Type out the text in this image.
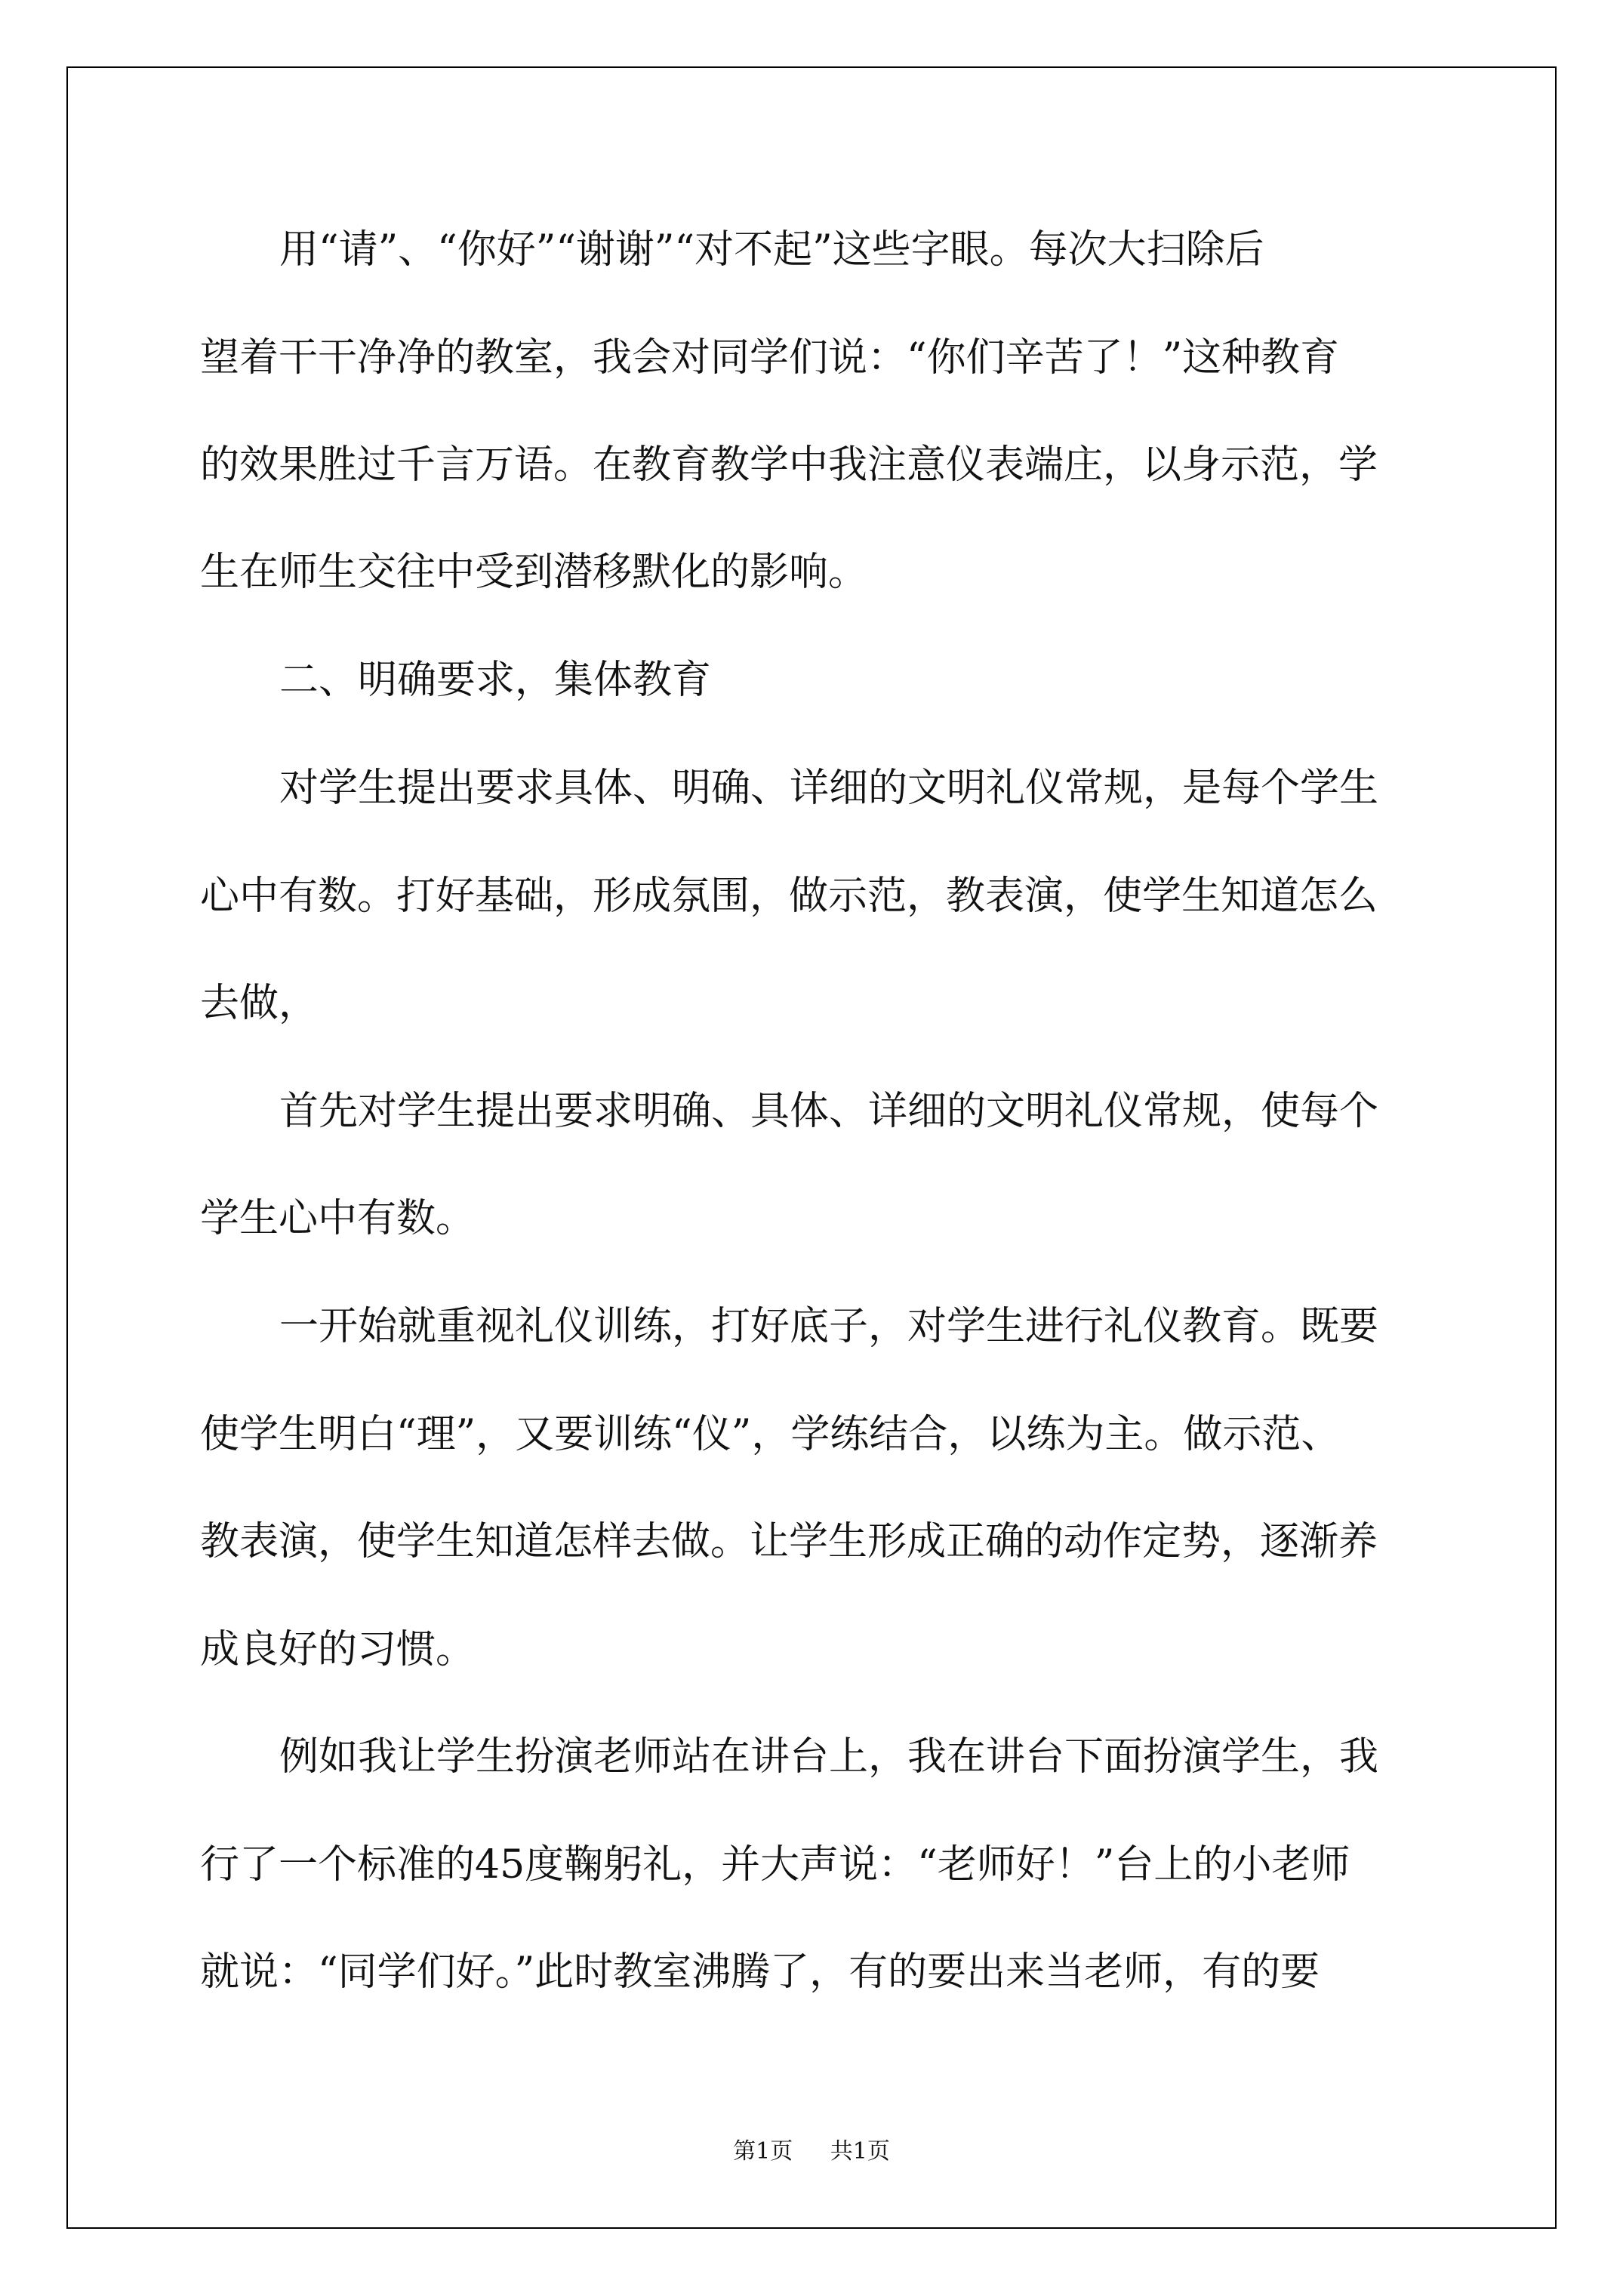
用“请”、“你好”“谢谢”“对不起”这些字眼。每次大扫除后

望着干干净净的教室，我会对同学们说：“你们辛苦了！”这种教育

的效果胜过千言万语。在教育教学中我注意仪表端庄，以身示范，学

生在师生交往中受到潜移默化的影响。

二、明确要求，集体教育

对学生提出要求具体、明确、详细的文明礼仪常规，是每个学生

心中有数。打好基础，形成氛围，做示范，教表演，使学生知道怎么

去做，

首先对学生提出要求明确、具体、详细的文明礼仪常规，使每个

学生心中有数。

一开始就重视礼仪训练，打好底子，对学生进行礼仪教育。既要

使学生明白“理”，又要训练“仪”，学练结合，以练为主。做示范、

教表演，使学生知道怎样去做。让学生形成正确的动作定势，逐渐养

成良好的习惯。

例如我让学生扮演老师站在讲台上，我在讲台下面扮演学生，我

行了一个标准的45度鞠躬礼，并大声说：“老师好！”台上的小老师

就说：“同学们好。”此时教室沸腾了，有的要出来当老师，有的要

第1页 共1页
